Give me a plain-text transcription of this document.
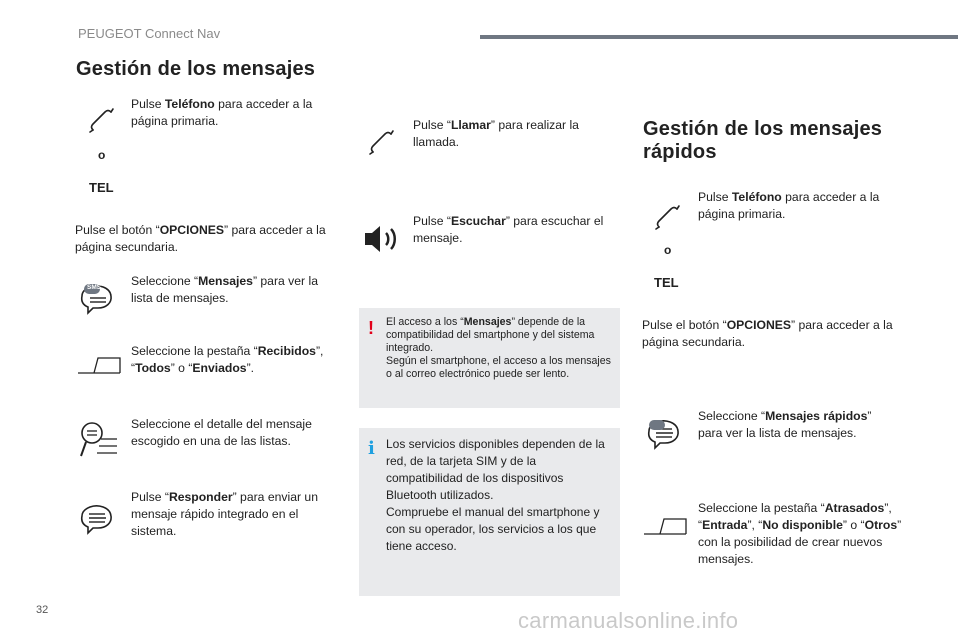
PEUGEOT Connect Nav
Gestión de los mensajes
Pulse Teléfono para acceder a la página primaria.
o
TEL
Pulse el botón “OPCIONES” para acceder a la página secundaria.
SMS Seleccione “Mensajes” para ver la lista de mensajes.
Seleccione la pestaña “Recibidos”, “Todos” o “Enviados”.
Seleccione el detalle del mensaje escogido en una de las listas.
Pulse “Responder” para enviar un mensaje rápido integrado en el sistema.
Pulse “Llamar” para realizar la llamada.
Pulse “Escuchar” para escuchar el mensaje.
! El acceso a los “Mensajes” depende de la compatibilidad del smartphone y del sistema integrado.
Según el smartphone, el acceso a los mensajes o al correo electrónico puede ser lento.
i Los servicios disponibles dependen de la red, de la tarjeta SIM y de la compatibilidad de los dispositivos Bluetooth utilizados.
Compruebe el manual del smartphone y con su operador, los servicios a los que tiene acceso.
Gestión de los mensajes rápidos
Pulse Teléfono para acceder a la página primaria.
o
TEL
Pulse el botón “OPCIONES” para acceder a la página secundaria.
Seleccione “Mensajes rápidos” para ver la lista de mensajes.
Seleccione la pestaña “Atrasados”, “Entrada”, “No disponible” o “Otros” con la posibilidad de crear nuevos mensajes.
32	carmanualsonline.info
